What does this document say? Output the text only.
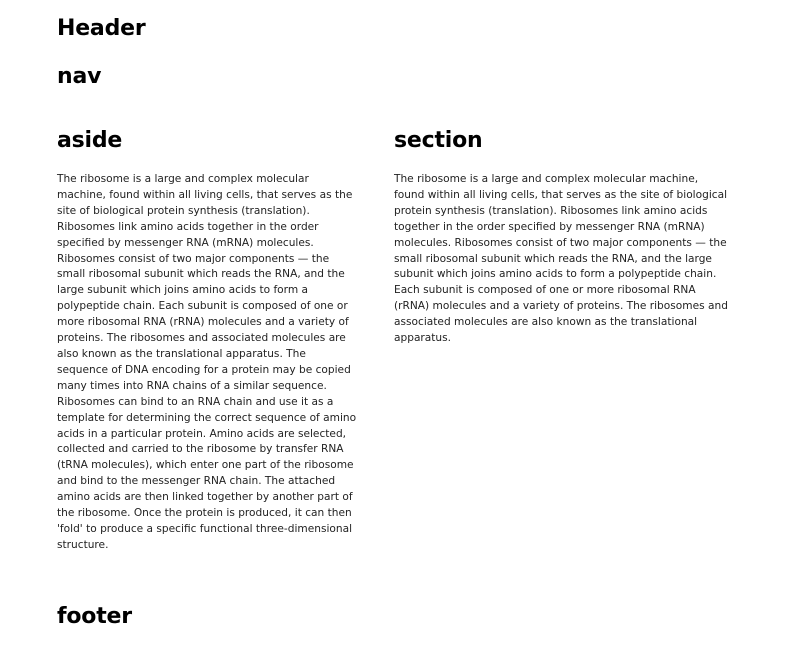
Header
nav
aside

The ribosome is a large and complex molecular machine, found within all living cells, that serves as the site of biological protein synthesis (translation). Ribosomes link amino acids together in the order specified by messenger RNA (mRNA) molecules. Ribosomes consist of two major components — the small ribosomal subunit which reads the RNA, and the large subunit which joins amino acids to form a polypeptide chain. Each subunit is composed of one or more ribosomal RNA (rRNA) molecules and a variety of proteins. The ribosomes and associated molecules are also known as the translational apparatus. The sequence of DNA encoding for a protein may be copied many times into RNA chains of a similar sequence. Ribosomes can bind to an RNA chain and use it as a template for determining the correct sequence of amino acids in a particular protein. Amino acids are selected, collected and carried to the ribosome by transfer RNA (tRNA molecules), which enter one part of the ribosome and bind to the messenger RNA chain. The attached amino acids are then linked together by another part of the ribosome. Once the protein is produced, it can then 'fold' to produce a specific functional three-dimensional structure.

section

The ribosome is a large and complex molecular machine, found within all living cells, that serves as the site of biological protein synthesis (translation). Ribosomes link amino acids together in the order specified by messenger RNA (mRNA) molecules. Ribosomes consist of two major components — the small ribosomal subunit which reads the RNA, and the large subunit which joins amino acids to form a polypeptide chain. Each subunit is composed of one or more ribosomal RNA (rRNA) molecules and a variety of proteins. The ribosomes and associated molecules are also known as the translational apparatus.

footer
